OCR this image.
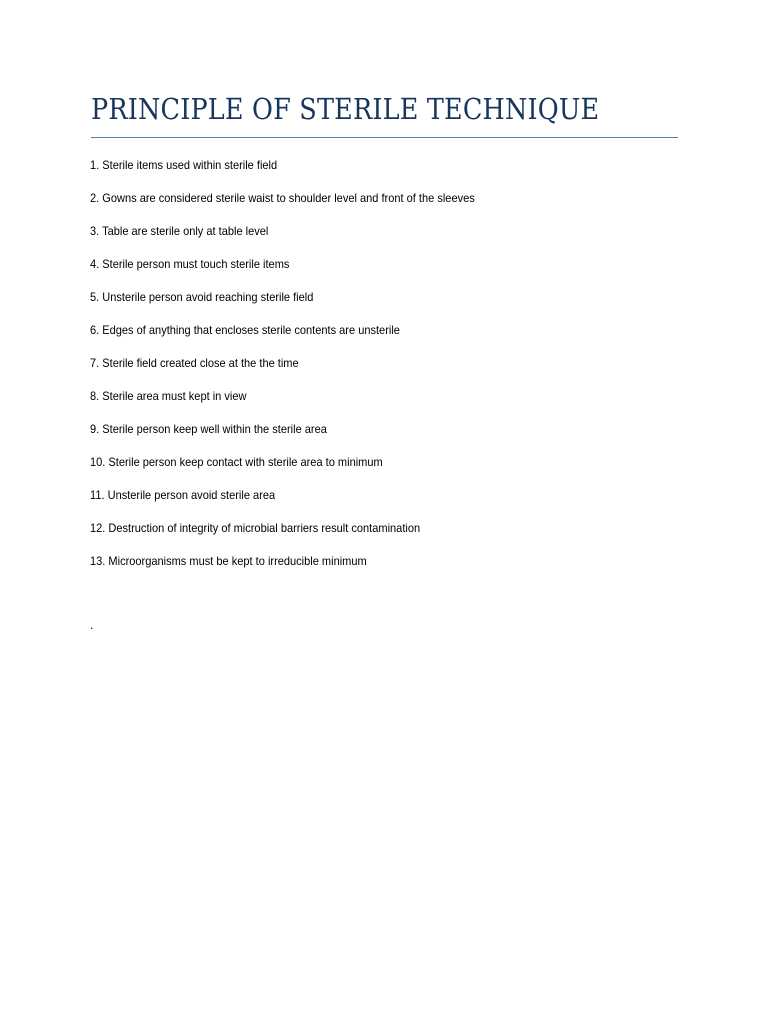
PRINCIPLE OF STERILE TECHNIQUE
1. Sterile items used within sterile field
2. Gowns are considered sterile waist to shoulder level and front of the sleeves
3. Table are sterile only at table level
4. Sterile person must touch sterile items
5. Unsterile person avoid reaching sterile field
6. Edges of anything that encloses sterile contents are unsterile
7. Sterile field created close at the the time
8. Sterile area must kept in view
9. Sterile person keep well within the sterile area
10. Sterile person keep contact with sterile area to minimum
11. Unsterile person avoid sterile area
12. Destruction of integrity of microbial barriers result contamination
13. Microorganisms must be kept to irreducible minimum
.
